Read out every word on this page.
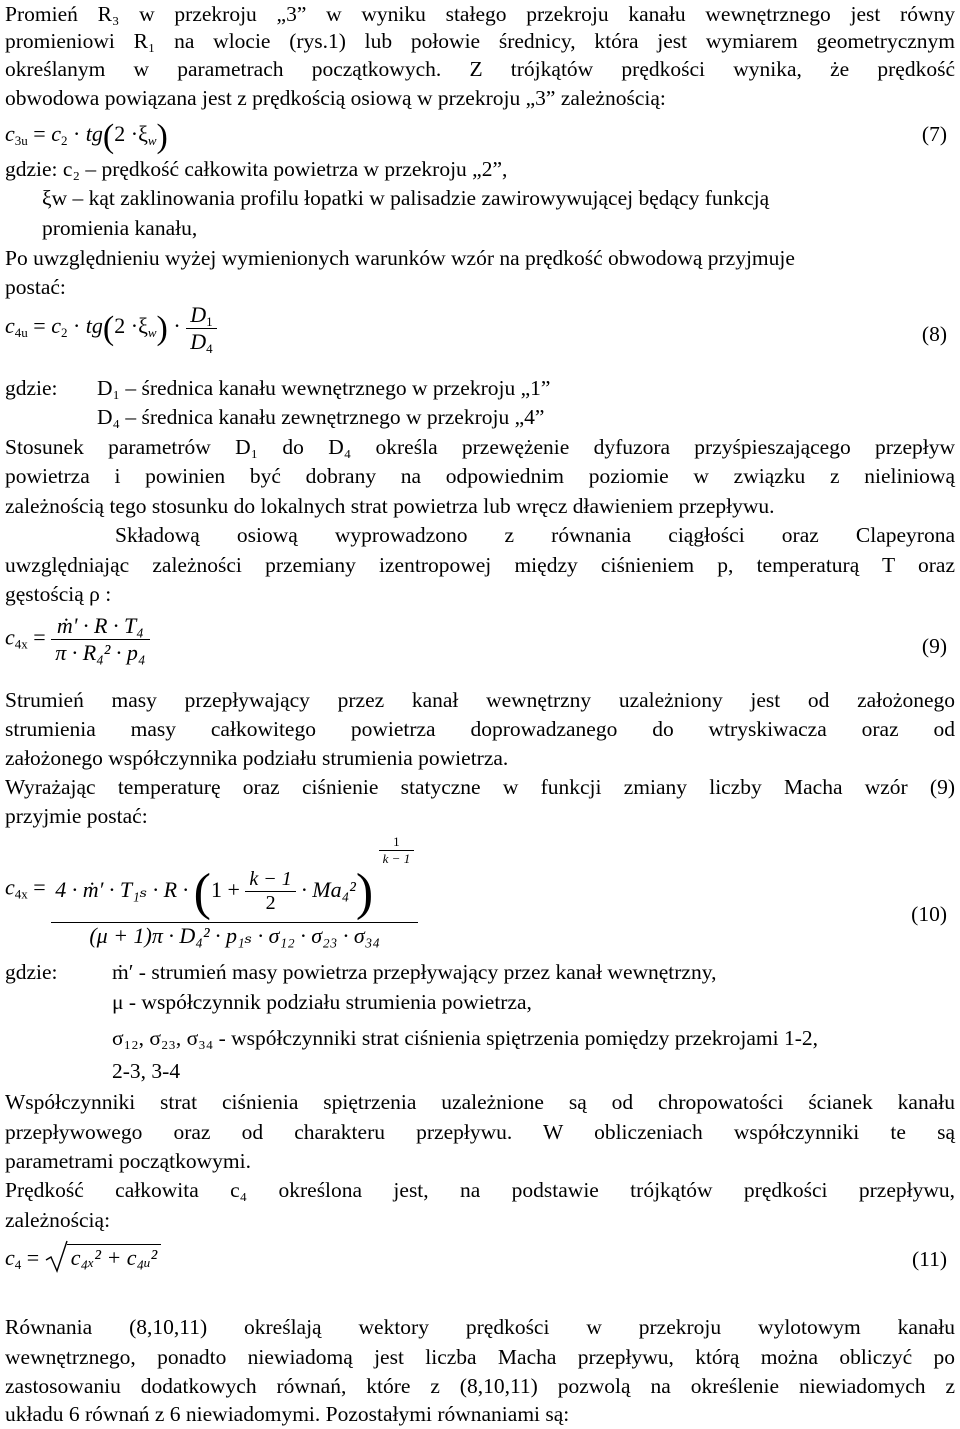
Promień R₃ w przekroju „3” w wyniku stałego przekroju kanału wewnętrznego jest równy
promieniowi R₁ na wlocie (rys.1) lub połowie średnicy, która jest wymiarem geometrycznym
określanym w parametrach początkowych. Z trójkątów prędkości wynika, że prędkość
obwodowa powiązana jest z prędkością osiową w przekroju „3” zależnością:
$c_{3u} = c_2 \cdot tg(2 \cdot\xi_w)$	(7)
gdzie: c₂ – prędkość całkowita powietrza w przekroju „2”,
ξw – kąt zaklinowania profilu łopatki w palisadzie zawirowywującej będący funkcją
promienia kanału,
Po uwzględnieniu wyżej wymienionych warunków wzór na prędkość obwodową przyjmuje
postać:
$c_{4u} = c_2 \cdot tg(2 \cdot\xi_w) \cdot \frac{D_1}{D_4}$	(8)
gdzie: D₁ – średnica kanału wewnętrznego w przekroju „1”
D₄ – średnica kanału zewnętrznego w przekroju „4”
Stosunek parametrów D₁ do D₄ określa przewężenie dyfuzora przyśpieszającego przepływ
powietrza i powinien być dobrany na odpowiednim poziomie w związku z nieliniową
zależnością tego stosunku do lokalnych strat powietrza lub wręcz dławieniem przepływu.
Składową osiową wyprowadzono z równania ciągłości oraz Clapeyrona
uwzględniając zależności przemiany izentropowej między ciśnieniem p, temperaturą T oraz
gęstością ρ :
$c_{4x} = \frac{\text{ṁ' · R · T₄}}{\text{π · R₄² · p₄}}$	(9)
Strumień masy przepływający przez kanał wewnętrzny uzależniony jest od założonego
strumienia masy całkowitego powietrza doprowadzanego do wtryskiwacza oraz od
założonego współczynnika podziału strumienia powietrza.
Wyrażając temperaturę oraz ciśnienie statyczne w funkcji zmiany liczby Macha wzór (9)
przyjmie postać:
$c_{4x} = 4$ · ṁ′ · $T_{1s} \cdot R \cdot (1 + \frac{k - 1}{2} \cdot Ma_4^2)$
$\frac{1}{k - 1}$
(μ + 1)π · D₄² · p₁ₛ · σ₁₂ · σ₂₃ · σ₃₄
(10)
gdzie:	ṁ′ - strumień masy powietrza przepływający przez kanał wewnętrzny,
μ - współczynnik podziału strumienia powietrza,
σ₁₂, σ₂₃, σ₃₄ - współczynniki strat ciśnienia spiętrzenia pomiędzy przekrojami 1-2,
2-3, 3-4
Współczynniki strat ciśnienia spiętrzenia uzależnione są od chropowatości ścianek kanału
przepływowego oraz od charakteru przepływu. W obliczeniach współczynniki te są
parametrami początkowymi.
Prędkość całkowita c₄ określona jest, na podstawie trójkątów prędkości przepływu,
zależnością:
$c_4 = c_{4x}^2$ + c₄ᵤ²	(11)
Równania (8,10,11) określają wektory prędkości w przekroju wylotowym kanału
wewnętrznego, ponadto niewiadomą jest liczba Macha przepływu, którą można obliczyć po
zastosowaniu dodatkowych równań, które z (8,10,11) pozwolą na określenie niewiadomych z
układu 6 równań z 6 niewiadomymi. Pozostałymi równaniami są:
